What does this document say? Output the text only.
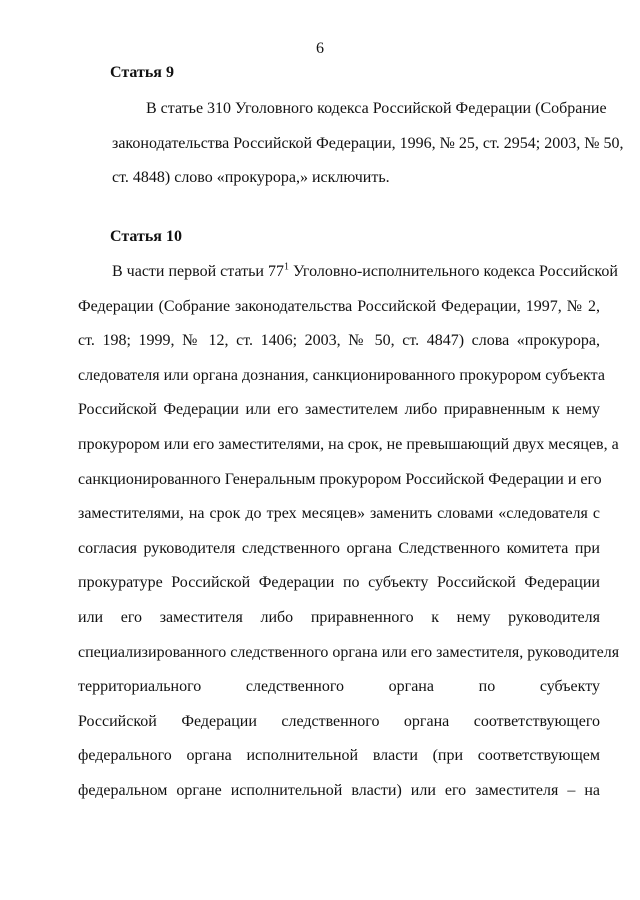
6
Статья 9
В статье 310 Уголовного кодекса Российской Федерации (Собрание
законодательства Российской Федерации, 1996, № 25, ст. 2954; 2003, № 50,
ст. 4848) слово «прокурора,» исключить.
Статья 10
В части первой статьи $77^1$ Уголовно-исполнительного кодекса Российской
Федерации (Собрание законодательства Российской Федерации, 1997, № 2,
ст. 198; 1999, № 12, ст. 1406; 2003, № 50, ст. 4847) слова «прокурора,
следователя или органа дознания, санкционированного прокурором субъекта
Российской Федерации или его заместителем либо приравненным к нему
прокурором или его заместителями, на срок, не превышающий двух месяцев, а
санкционированного Генеральным прокурором Российской Федерации и его
заместителями, на срок до трех месяцев» заменить словами «следователя с
согласия руководителя следственного органа Следственного комитета при
прокуратуре Российской Федерации по субъекту Российской Федерации
или его заместителя либо приравненного к нему руководителя
специализированного следственного органа или его заместителя, руководителя
территориального следственного органа по субъекту
Российской Федерации следственного органа соответствующего
федерального органа исполнительной власти (при соответствующем
федеральном органе исполнительной власти) или его заместителя – на
